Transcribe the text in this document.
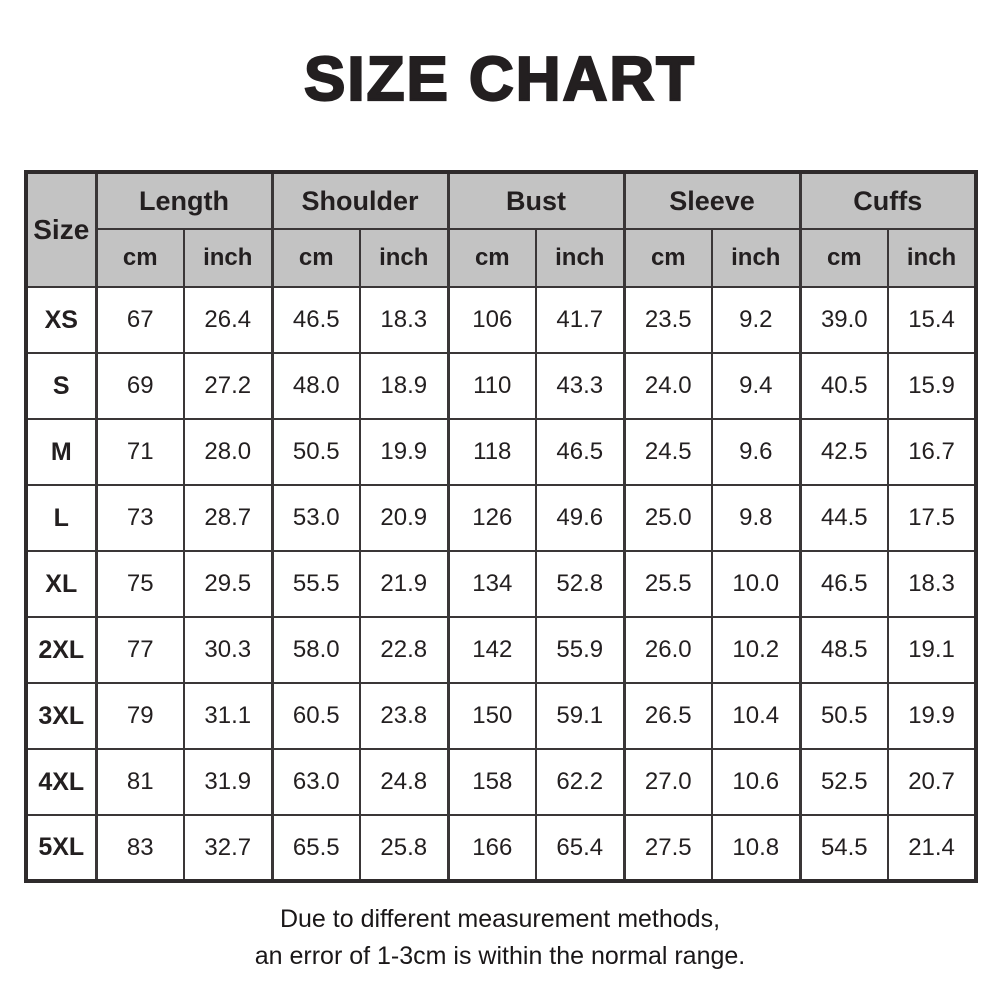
SIZE CHART
Size	Length		Shoulder		Bust		Sleeve		Cuffs	
	cm	inch	cm	inch	cm	inch	cm	inch	cm	inch
XS	67	26.4	46.5	18.3	106	41.7	23.5	9.2	39.0	15.4
S	69	27.2	48.0	18.9	110	43.3	24.0	9.4	40.5	15.9
M	71	28.0	50.5	19.9	118	46.5	24.5	9.6	42.5	16.7
L	73	28.7	53.0	20.9	126	49.6	25.0	9.8	44.5	17.5
XL	75	29.5	55.5	21.9	134	52.8	25.5	10.0	46.5	18.3
2XL	77	30.3	58.0	22.8	142	55.9	26.0	10.2	48.5	19.1
3XL	79	31.1	60.5	23.8	150	59.1	26.5	10.4	50.5	19.9
4XL	81	31.9	63.0	24.8	158	62.2	27.0	10.6	52.5	20.7
5XL	83	32.7	65.5	25.8	166	65.4	27.5	10.8	54.5	21.4
Due to different measurement methods,
an error of 1-3cm is within the normal range.
